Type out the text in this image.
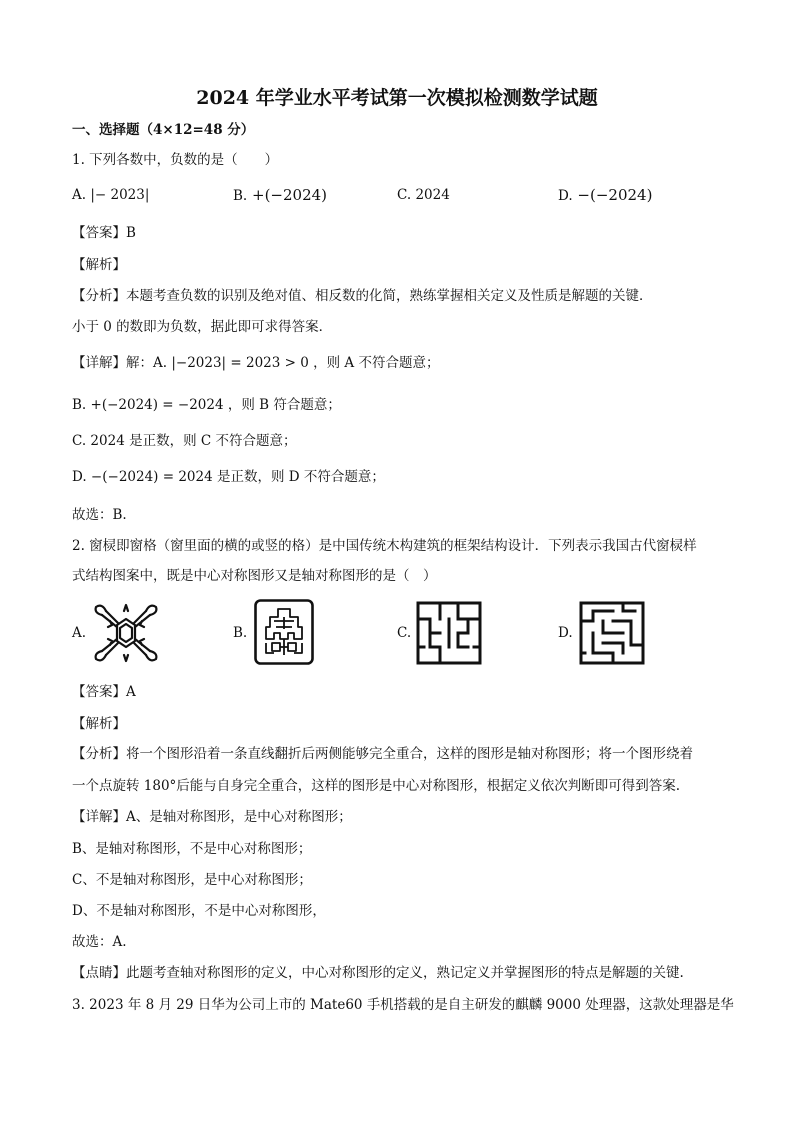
2024 年学业水平考试第一次模拟检测数学试题
一、选择题（4×12=48 分）
1. 下列各数中，负数的是（　　）
A. |− 2023|	B. +(−2024)	C. 2024	D. −(−2024)
【答案】B
【解析】
【分析】本题考查负数的识别及绝对值、相反数的化简，熟练掌握相关定义及性质是解题的关键．
小于 0 的数即为负数，据此即可求得答案．
【详解】解：A. |−2023| = 2023 > 0 ，则 A 不符合题意；
B. +(−2024) = −2024 ，则 B 符合题意；
C. 2024 是正数，则 C 不符合题意；
D. −(−2024) = 2024 是正数，则 D 不符合题意；
故选：B.
2. 窗棂即窗格（窗里面的横的或竖的格）是中国传统木构建筑的框架结构设计．下列表示我国古代窗棂样
式结构图案中，既是中心对称图形又是轴对称图形的是（　）
A.	B.	C.	D.
【答案】A
【解析】
【分析】将一个图形沿着一条直线翻折后两侧能够完全重合，这样的图形是轴对称图形；将一个图形绕着
一个点旋转 180°后能与自身完全重合，这样的图形是中心对称图形，根据定义依次判断即可得到答案.
【详解】A、是轴对称图形，是中心对称图形；
B、是轴对称图形，不是中心对称图形；
C、不是轴对称图形，是中心对称图形；
D、不是轴对称图形，不是中心对称图形，
故选：A.
【点睛】此题考查轴对称图形的定义，中心对称图形的定义，熟记定义并掌握图形的特点是解题的关键.
3. 2023 年 8 月 29 日华为公司上市的 Mate60 手机搭载的是自主研发的麒麟 9000 处理器，这款处理器是华
